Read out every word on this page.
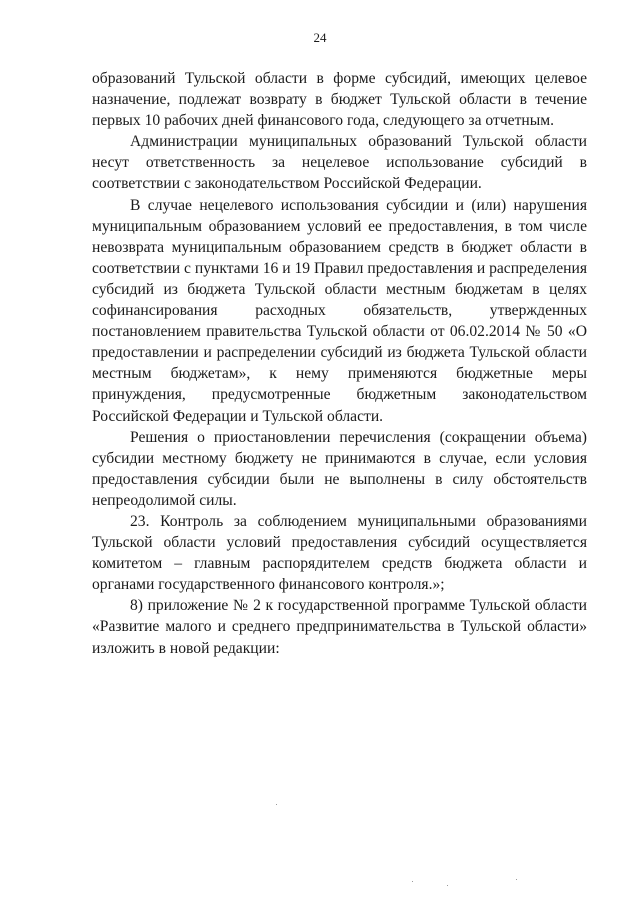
24

образований Тульской области в форме субсидий, имеющих целевое назначение, подлежат возврату в бюджет Тульской области в течение первых 10 рабочих дней финансового года, следующего за отчетным.

Администрации муниципальных образований Тульской области несут ответственность за нецелевое использование субсидий в соответствии с законодательством Российской Федерации.

В случае нецелевого использования субсидии и (или) нарушения муниципальным образованием условий ее предоставления, в том числе невозврата муниципальным образованием средств в бюджет области в соответствии с пунктами 16 и 19 Правил предоставления и распределения субсидий из бюджета Тульской области местным бюджетам в целях софинансирования расходных обязательств, утвержденных постановлением правительства Тульской области от 06.02.2014 № 50 «О предоставлении и распределении субсидий из бюджета Тульской области местным бюджетам», к нему применяются бюджетные меры принуждения, предусмотренные бюджетным законодательством Российской Федерации и Тульской области.

Решения о приостановлении перечисления (сокращении объема) субсидии местному бюджету не принимаются в случае, если условия предоставления субсидии были не выполнены в силу обстоятельств непреодолимой силы.

23. Контроль за соблюдением муниципальными образованиями Тульской области условий предоставления субсидий осуществляется комитетом – главным распорядителем средств бюджета области и органами государственного финансового контроля.»;

8) приложение № 2 к государственной программе Тульской области «Развитие малого и среднего предпринимательства в Тульской области» изложить в новой редакции:
